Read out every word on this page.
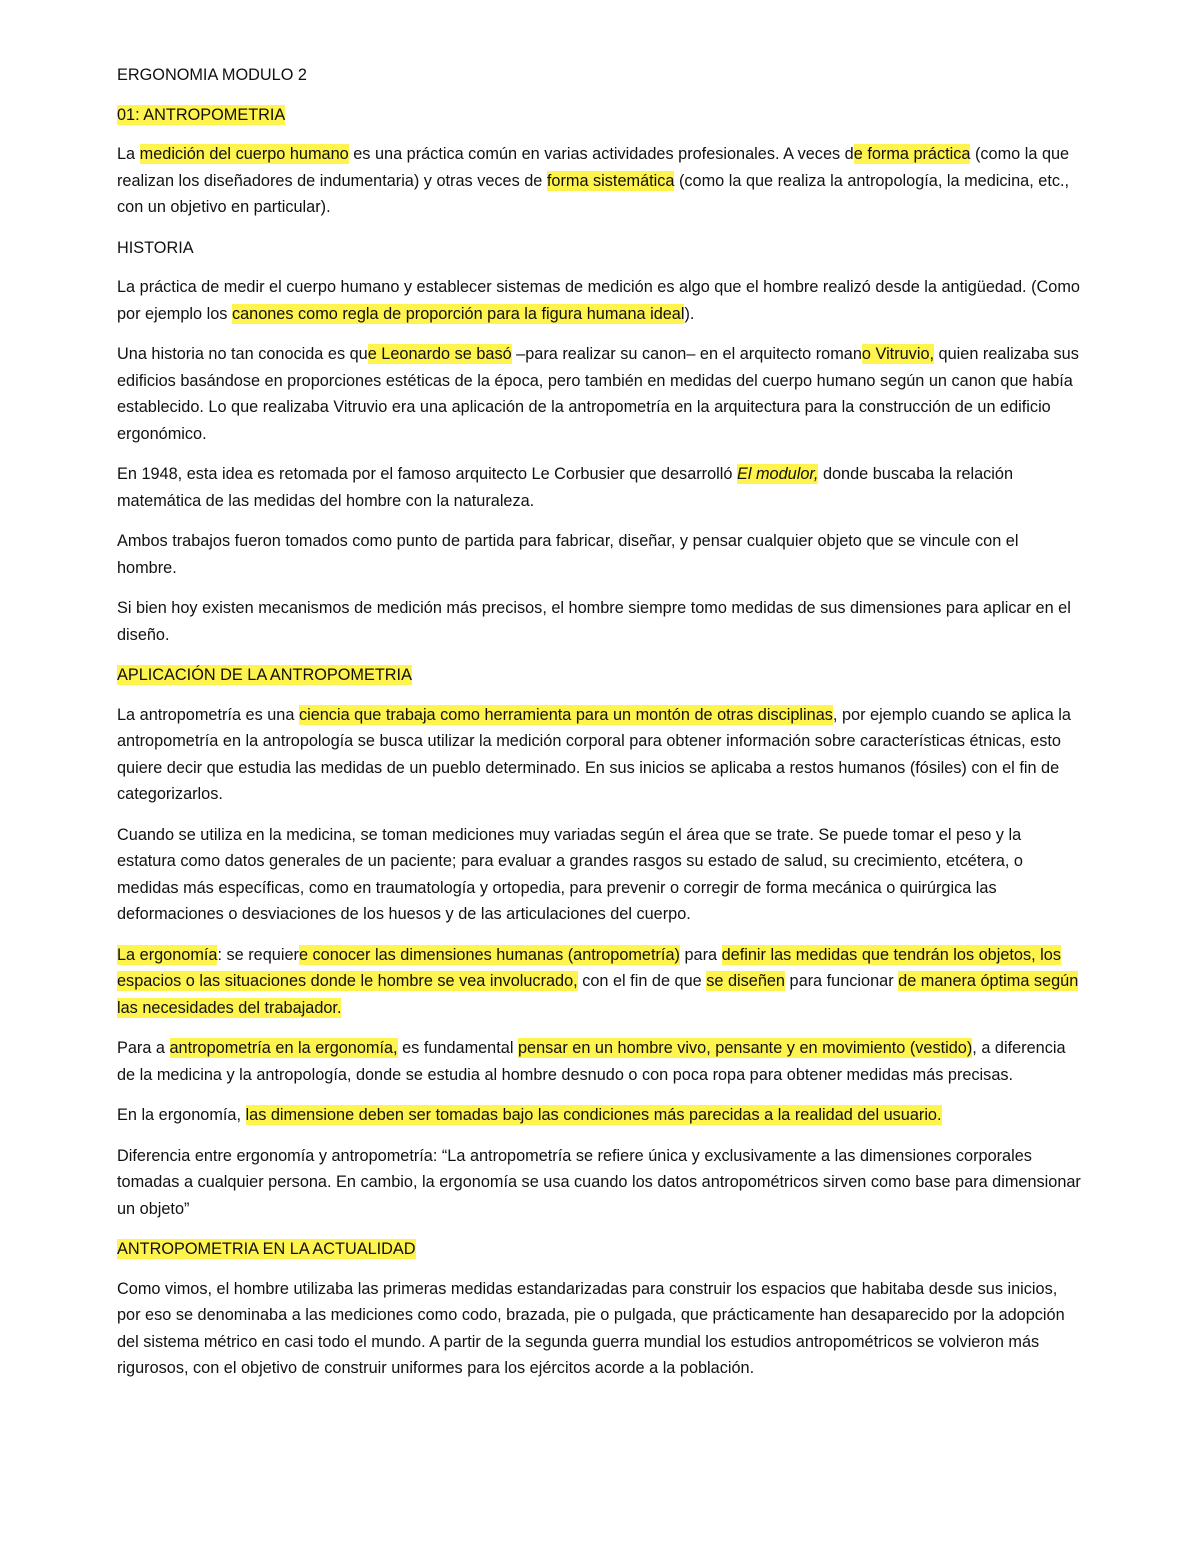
ERGONOMIA MODULO 2

01: ANTROPOMETRIA

La medición del cuerpo humano es una práctica común en varias actividades profesionales. A veces de forma práctica (como la que realizan los diseñadores de indumentaria) y otras veces de forma sistemática (como la que realiza la antropología, la medicina, etc., con un objetivo en particular).

HISTORIA

La práctica de medir el cuerpo humano y establecer sistemas de medición es algo que el hombre realizó desde la antigüedad. (Como por ejemplo los canones como regla de proporción para la figura humana ideal).

Una historia no tan conocida es que Leonardo se basó –para realizar su canon– en el arquitecto romano Vitruvio, quien realizaba sus edificios basándose en proporciones estéticas de la época, pero también en medidas del cuerpo humano según un canon que había establecido. Lo que realizaba Vitruvio era una aplicación de la antropometría en la arquitectura para la construcción de un edificio ergonómico.

En 1948, esta idea es retomada por el famoso arquitecto Le Corbusier que desarrolló El modulor, donde buscaba la relación matemática de las medidas del hombre con la naturaleza.

Ambos trabajos fueron tomados como punto de partida para fabricar, diseñar, y pensar cualquier objeto que se vincule con el hombre.

Si bien hoy existen mecanismos de medición más precisos, el hombre siempre tomo medidas de sus dimensiones para aplicar en el diseño.

APLICACIÓN DE LA ANTROPOMETRIA

La antropometría es una ciencia que trabaja como herramienta para un montón de otras disciplinas, por ejemplo cuando se aplica la antropometría en la antropología se busca utilizar la medición corporal para obtener información sobre características étnicas, esto quiere decir que estudia las medidas de un pueblo determinado. En sus inicios se aplicaba a restos humanos (fósiles) con el fin de categorizarlos.

Cuando se utiliza en la medicina, se toman mediciones muy variadas según el área que se trate. Se puede tomar el peso y la estatura como datos generales de un paciente; para evaluar a grandes rasgos su estado de salud, su crecimiento, etcétera, o medidas más específicas, como en traumatología y ortopedia, para prevenir o corregir de forma mecánica o quirúrgica las deformaciones o desviaciones de los huesos y de las articulaciones del cuerpo.

La ergonomía: se requiere conocer las dimensiones humanas (antropometría) para definir las medidas que tendrán los objetos, los espacios o las situaciones donde le hombre se vea involucrado, con el fin de que se diseñen para funcionar de manera óptima según las necesidades del trabajador.

Para a antropometría en la ergonomía, es fundamental pensar en un hombre vivo, pensante y en movimiento (vestido), a diferencia de la medicina y la antropología, donde se estudia al hombre desnudo o con poca ropa para obtener medidas más precisas.

En la ergonomía, las dimensione deben ser tomadas bajo las condiciones más parecidas a la realidad del usuario.

Diferencia entre ergonomía y antropometría: “La antropometría se refiere única y exclusivamente a las dimensiones corporales tomadas a cualquier persona. En cambio, la ergonomía se usa cuando los datos antropométricos sirven como base para dimensionar un objeto”

ANTROPOMETRIA EN LA ACTUALIDAD

Como vimos, el hombre utilizaba las primeras medidas estandarizadas para construir los espacios que habitaba desde sus inicios, por eso se denominaba a las mediciones como codo, brazada, pie o pulgada, que prácticamente han desaparecido por la adopción del sistema métrico en casi todo el mundo. A partir de la segunda guerra mundial los estudios antropométricos se volvieron más rigurosos, con el objetivo de construir uniformes para los ejércitos acorde a la población.
